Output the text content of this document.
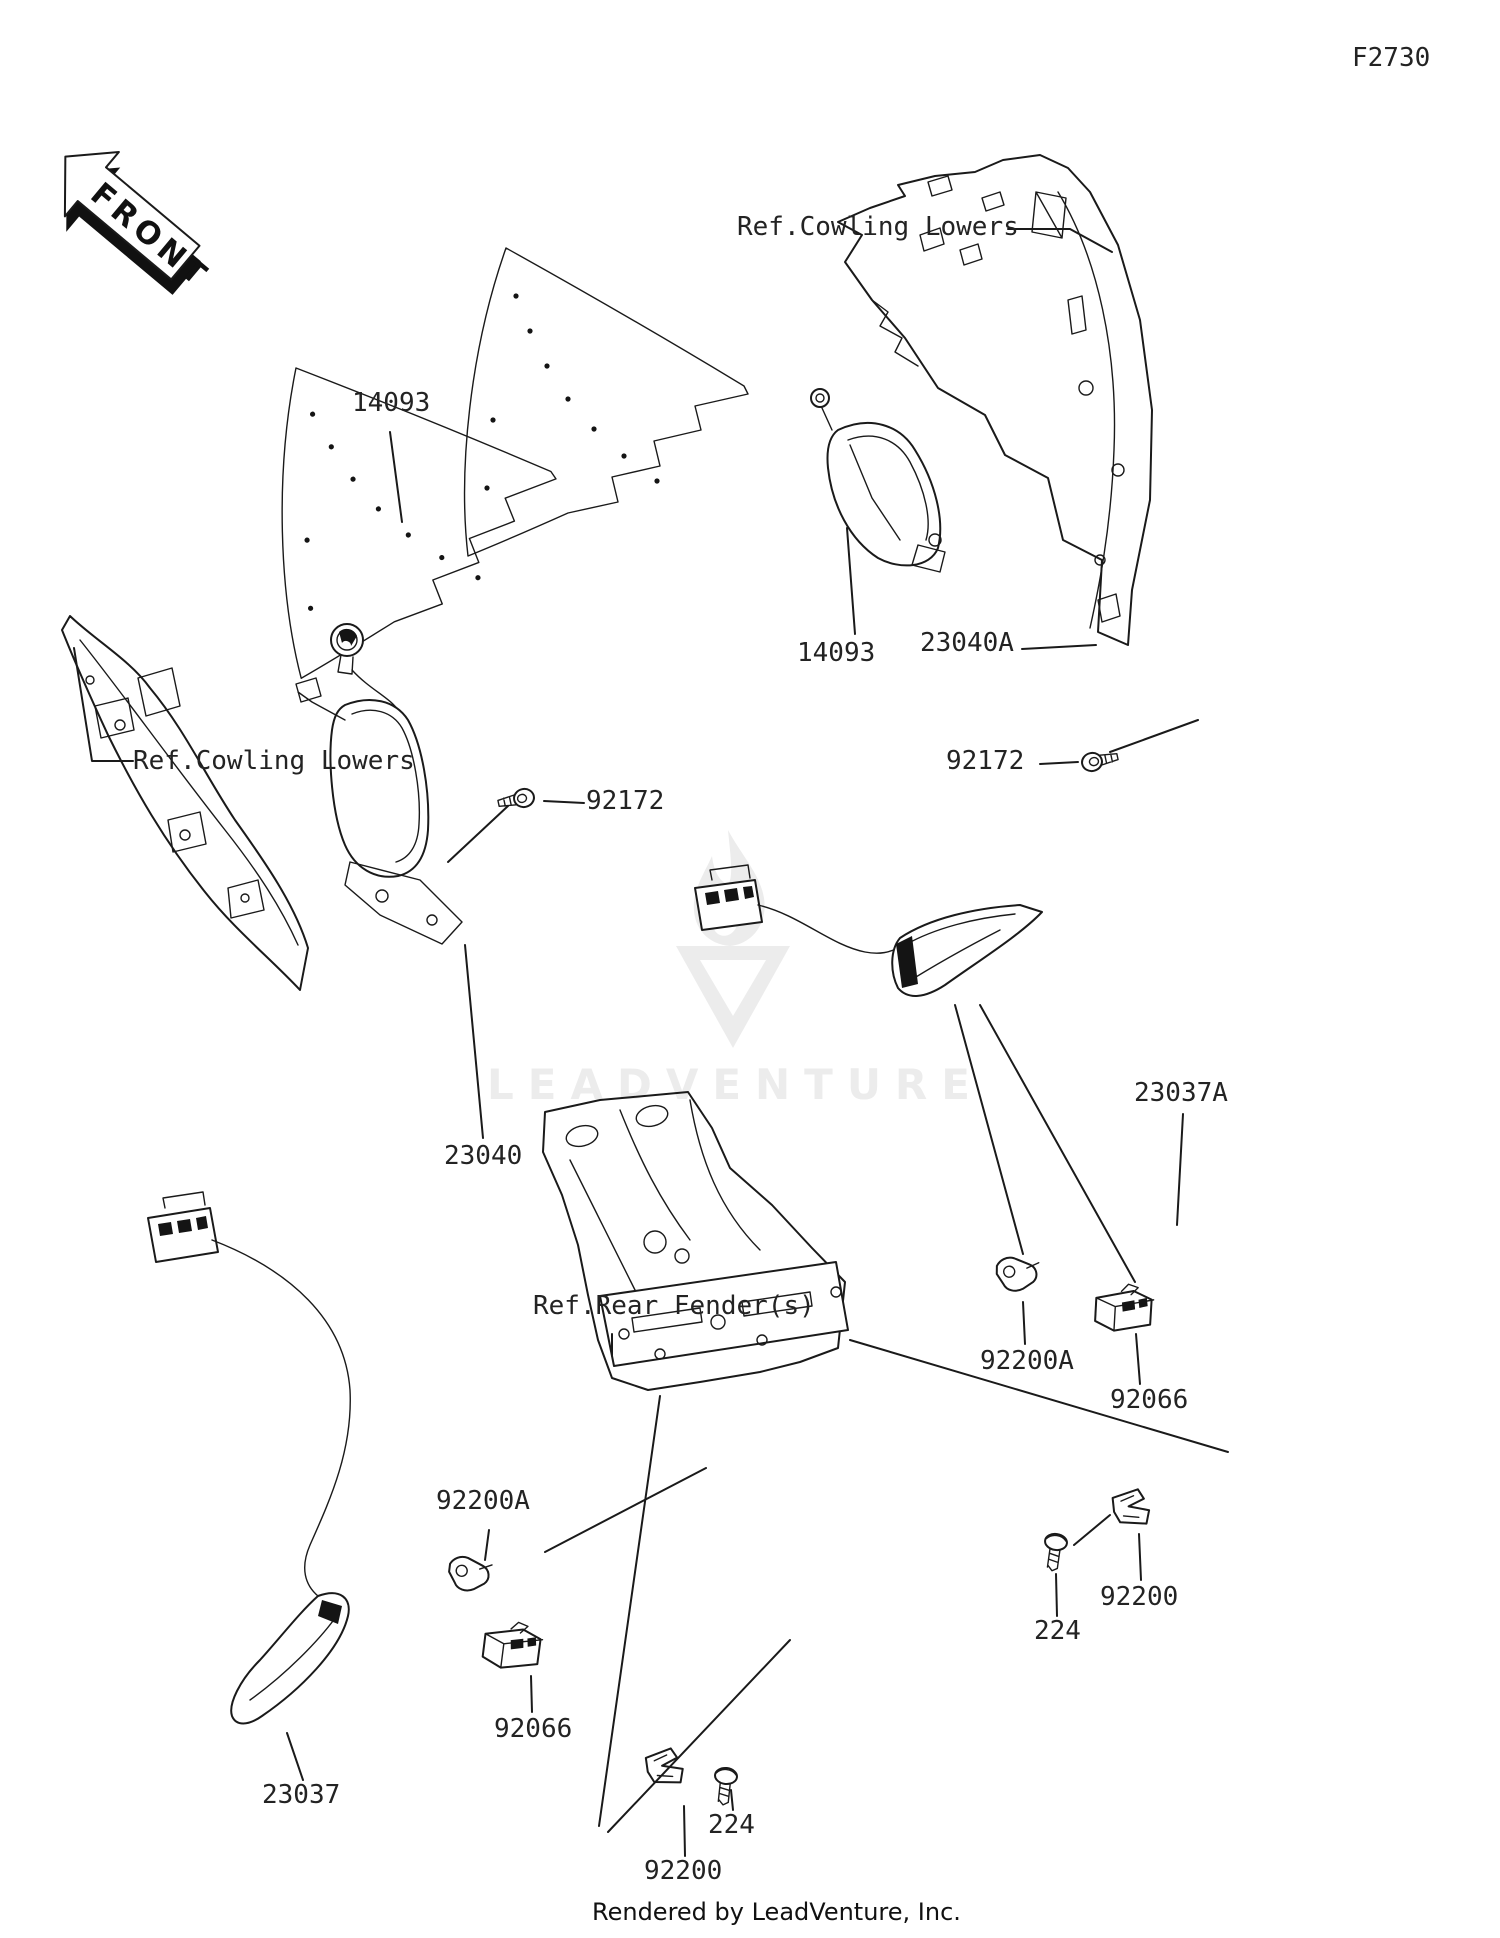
LEADVENTURE
FRONT
F2730
Ref.Cowling Lowers
Ref.Cowling Lowers
Ref.Rear Fender(s)
14093
14093 23040A
92172
92172
23040
23037A
92200A
92066
92200A
92200
224
92066
23037
224
92200
Rendered by LeadVenture, Inc.
